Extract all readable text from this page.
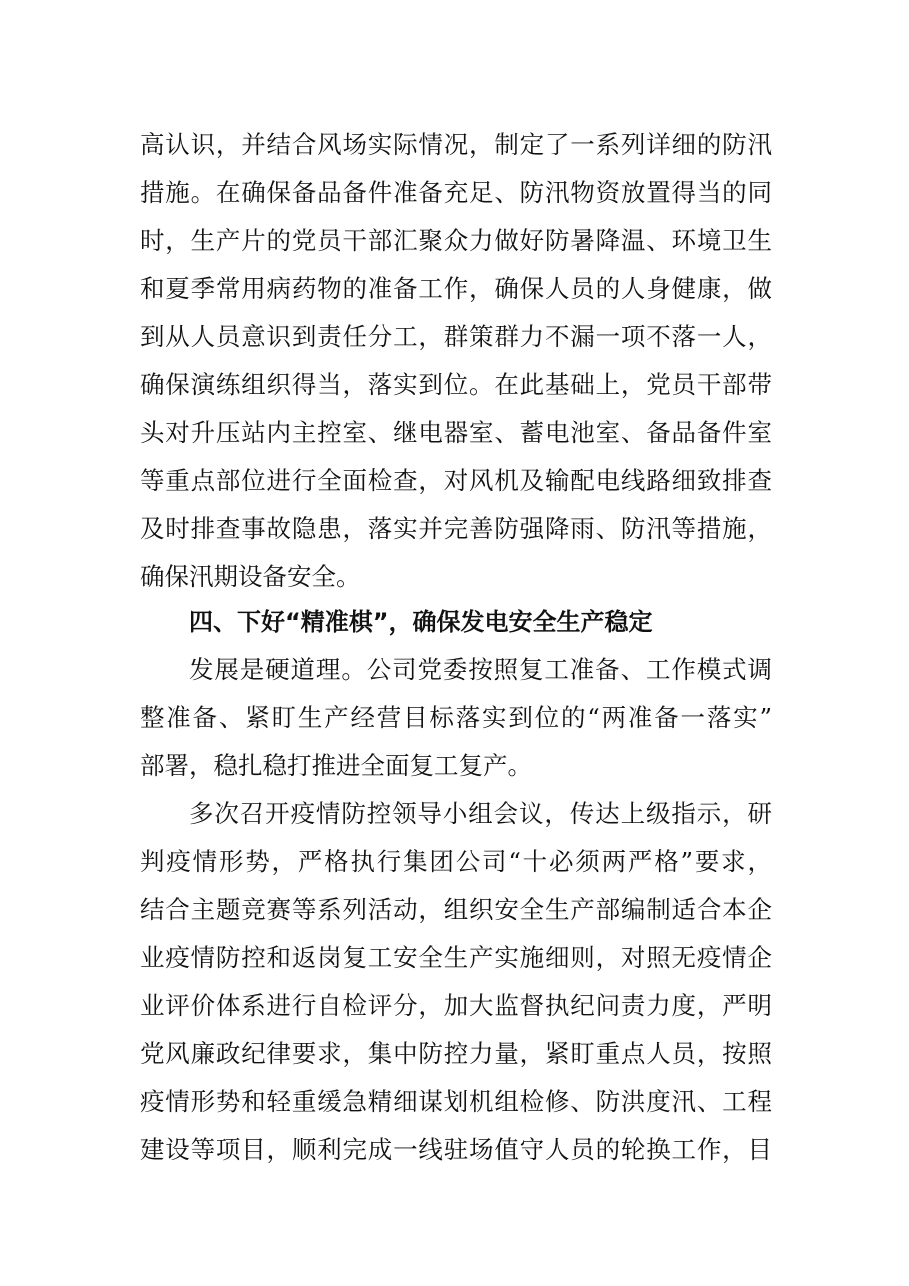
高认识，并结合风场实际情况，制定了一系列详细的防汛
措施。在确保备品备件准备充足、防汛物资放置得当的同
时，生产片的党员干部汇聚众力做好防暑降温、环境卫生
和夏季常用病药物的准备工作，确保人员的人身健康，做
到从人员意识到责任分工，群策群力不漏一项不落一人，
确保演练组织得当，落实到位。在此基础上，党员干部带
头对升压站内主控室、继电器室、蓄电池室、备品备件室
等重点部位进行全面检查，对风机及输配电线路细致排查
及时排查事故隐患，落实并完善防强降雨、防汛等措施，
确保汛期设备安全。
四、下好“精准棋”，确保发电安全生产稳定
发展是硬道理。公司党委按照复工准备、工作模式调
整准备、紧盯生产经营目标落实到位的“两准备一落实”
部署，稳扎稳打推进全面复工复产。
多次召开疫情防控领导小组会议，传达上级指示，研
判疫情形势，严格执行集团公司“十必须两严格”要求，
结合主题竞赛等系列活动，组织安全生产部编制适合本企
业疫情防控和返岗复工安全生产实施细则，对照无疫情企
业评价体系进行自检评分，加大监督执纪问责力度，严明
党风廉政纪律要求，集中防控力量，紧盯重点人员，按照
疫情形势和轻重缓急精细谋划机组检修、防洪度汛、工程
建设等项目，顺利完成一线驻场值守人员的轮换工作，目
